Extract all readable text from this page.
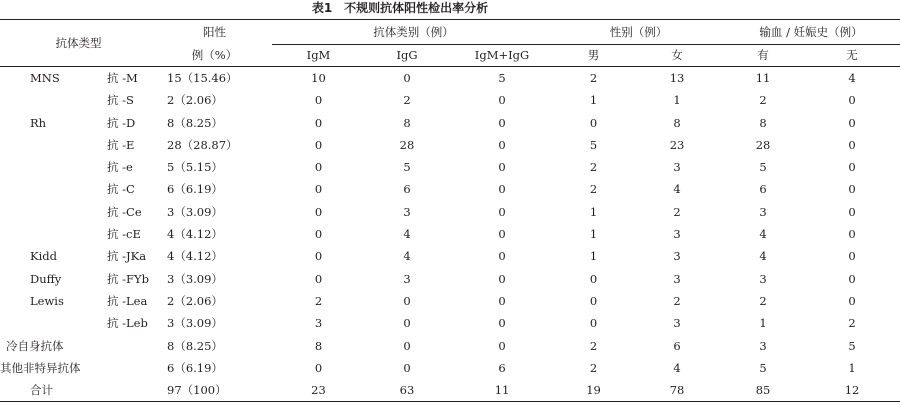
表1　不规则抗体阳性检出率分析
抗体类型		阳性	抗体类别（例）			性别（例）		输血 / 妊娠史（例）	
		例（%）	IgM	IgG	IgM+IgG	男	女	有	无
MNS	抗 -M	15（15.46）	10	0	5	2	13	11	4
	抗 -S	2（2.06）	0	2	0	1	1	2	0
Rh	抗 -D	8（8.25）	0	8	0	0	8	8	0
	抗 -E	28（28.87）	0	28	0	5	23	28	0
	抗 -e	5（5.15）	0	5	0	2	3	5	0
	抗 -C	6（6.19）	0	6	0	2	4	6	0
	抗 -Ce	3（3.09）	0	3	0	1	2	3	0
	抗 -cE	4（4.12）	0	4	0	1	3	4	0
Kidd	抗 -JKa	4（4.12）	0	4	0	1	3	4	0
Duffy	抗 -FYb	3（3.09）	0	3	0	0	3	3	0
Lewis	抗 -Lea	2（2.06）	2	0	0	0	2	2	0
	抗 -Leb	3（3.09）	3	0	0	0	3	1	2
冷自身抗体		8（8.25）	8	0	0	2	6	3	5
其他非特异抗体		6（6.19）	0	0	6	2	4	5	1
合计		97（100）	23	63	11	19	78	85	12
